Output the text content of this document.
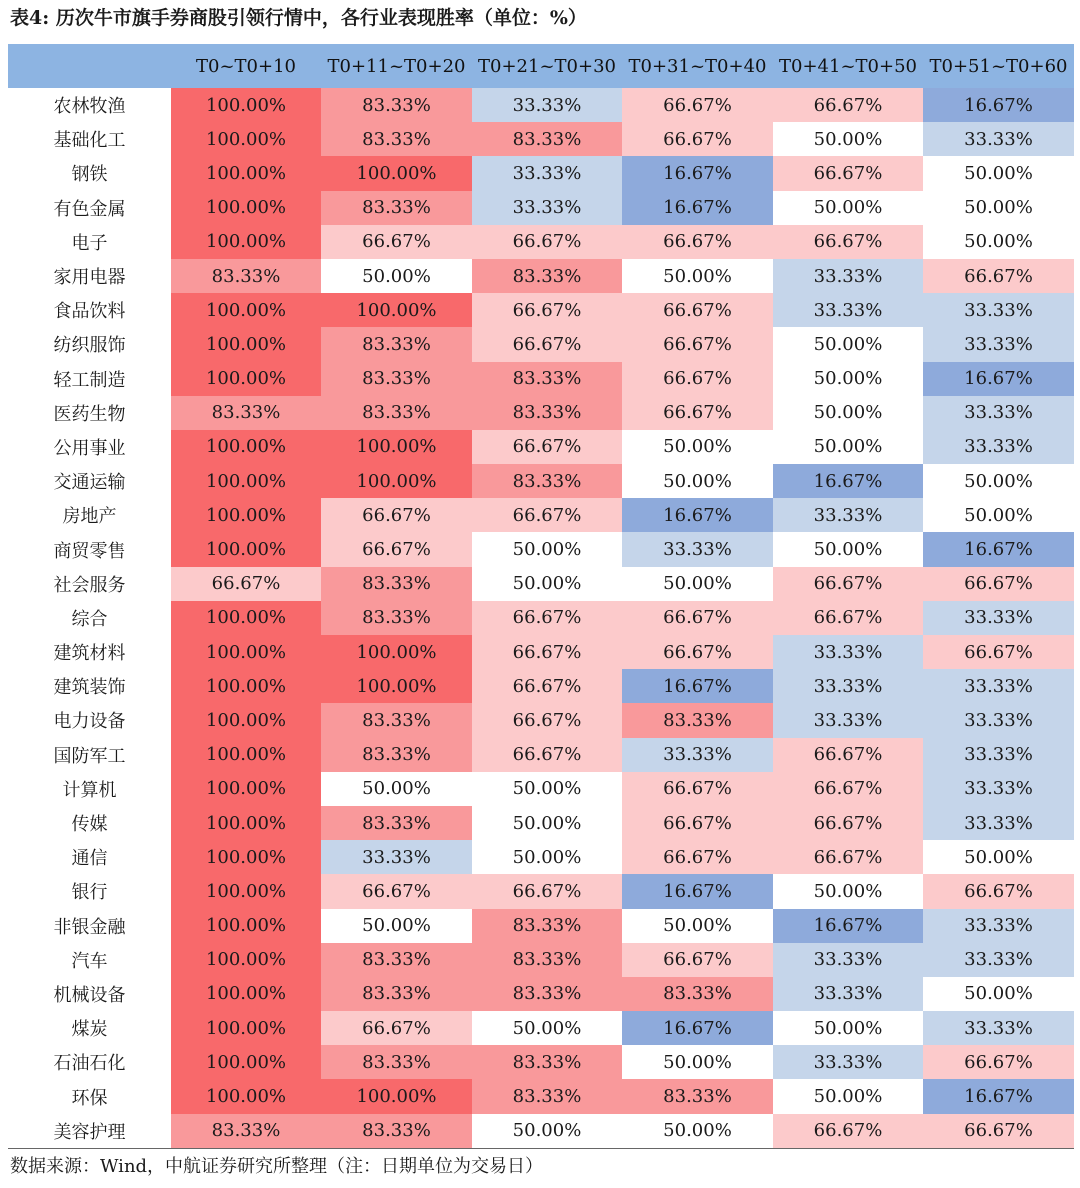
表4: 历次牛市旗手券商股引领行情中，各行业表现胜率（单位：%）
	T0~T0+10	T0+11~T0+20	T0+21~T0+30	T0+31~T0+40	T0+41~T0+50	T0+51~T0+60
农林牧渔	100.00%	83.33%	33.33%	66.67%	66.67%	16.67%
基础化工	100.00%	83.33%	83.33%	66.67%	50.00%	33.33%
钢铁	100.00%	100.00%	33.33%	16.67%	66.67%	50.00%
有色金属	100.00%	83.33%	33.33%	16.67%	50.00%	50.00%
电子	100.00%	66.67%	66.67%	66.67%	66.67%	50.00%
家用电器	83.33%	50.00%	83.33%	50.00%	33.33%	66.67%
食品饮料	100.00%	100.00%	66.67%	66.67%	33.33%	33.33%
纺织服饰	100.00%	83.33%	66.67%	66.67%	50.00%	33.33%
轻工制造	100.00%	83.33%	83.33%	66.67%	50.00%	16.67%
医药生物	83.33%	83.33%	83.33%	66.67%	50.00%	33.33%
公用事业	100.00%	100.00%	66.67%	50.00%	50.00%	33.33%
交通运输	100.00%	100.00%	83.33%	50.00%	16.67%	50.00%
房地产	100.00%	66.67%	66.67%	16.67%	33.33%	50.00%
商贸零售	100.00%	66.67%	50.00%	33.33%	50.00%	16.67%
社会服务	66.67%	83.33%	50.00%	50.00%	66.67%	66.67%
综合	100.00%	83.33%	66.67%	66.67%	66.67%	33.33%
建筑材料	100.00%	100.00%	66.67%	66.67%	33.33%	66.67%
建筑装饰	100.00%	100.00%	66.67%	16.67%	33.33%	33.33%
电力设备	100.00%	83.33%	66.67%	83.33%	33.33%	33.33%
国防军工	100.00%	83.33%	66.67%	33.33%	66.67%	33.33%
计算机	100.00%	50.00%	50.00%	66.67%	66.67%	33.33%
传媒	100.00%	83.33%	50.00%	66.67%	66.67%	33.33%
通信	100.00%	33.33%	50.00%	66.67%	66.67%	50.00%
银行	100.00%	66.67%	66.67%	16.67%	50.00%	66.67%
非银金融	100.00%	50.00%	83.33%	50.00%	16.67%	33.33%
汽车	100.00%	83.33%	83.33%	66.67%	33.33%	33.33%
机械设备	100.00%	83.33%	83.33%	83.33%	33.33%	50.00%
煤炭	100.00%	66.67%	50.00%	16.67%	50.00%	33.33%
石油石化	100.00%	83.33%	83.33%	50.00%	33.33%	66.67%
环保	100.00%	100.00%	83.33%	83.33%	50.00%	16.67%
美容护理	83.33%	83.33%	50.00%	50.00%	66.67%	66.67%
数据来源：Wind，中航证券研究所整理（注：日期单位为交易日）
